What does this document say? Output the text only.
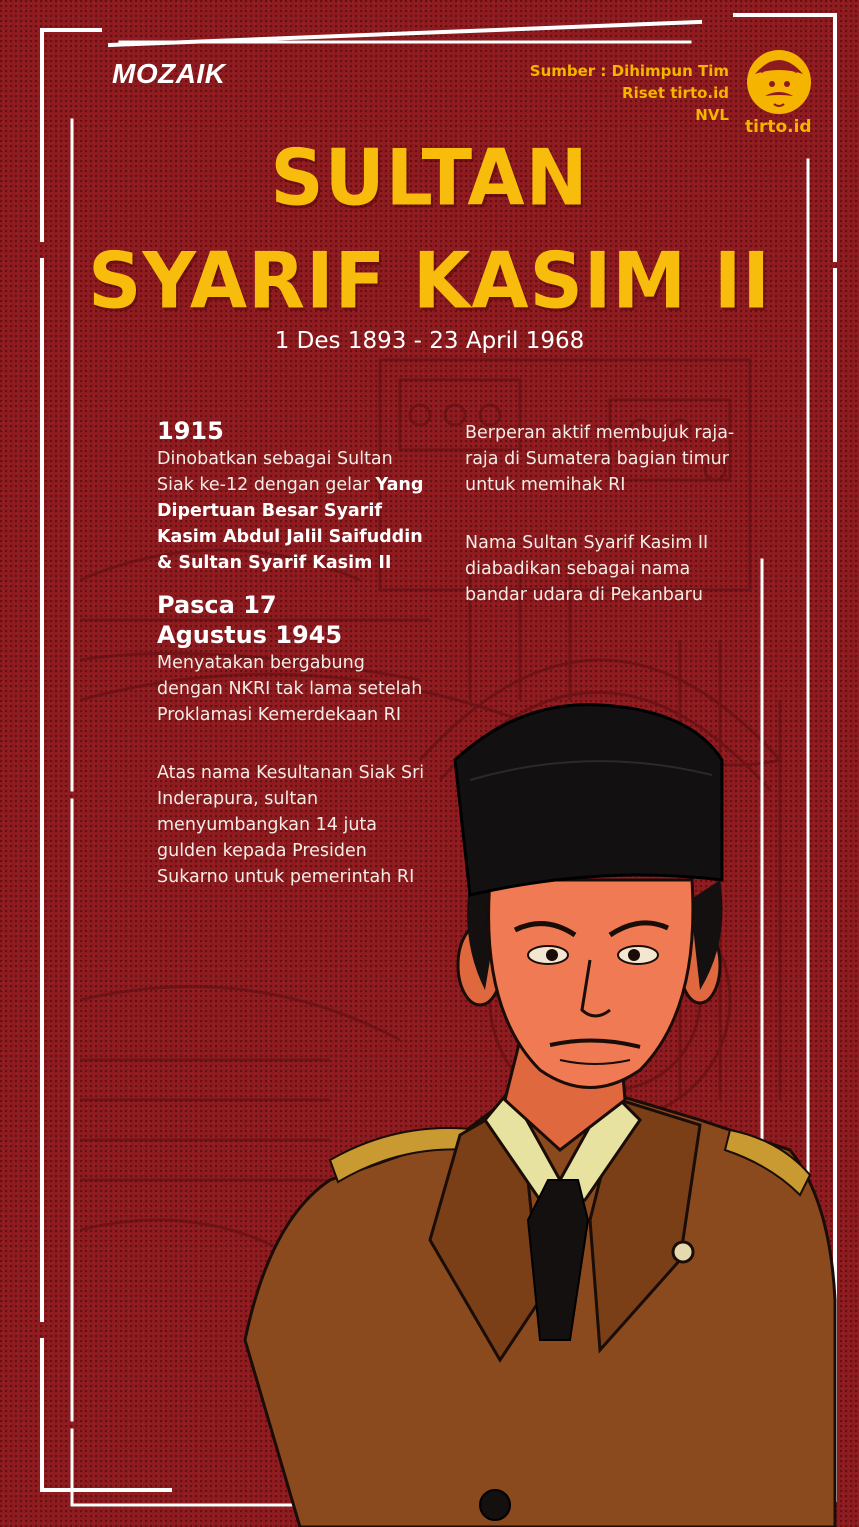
MOZAIK	Sumber : Dihimpun Tim
Riset tirto.id
NVL
tirto.id
SULTAN
SYARIF KASIM II
1 Des 1893 - 23 April 1968
1915
Dinobatkan sebagai Sultan Siak ke-12 dengan gelar Yang Dipertuan Besar Syarif Kasim Abdul Jalil Saifuddin & Sultan Syarif Kasim II
Pasca 17
Agustus 1945
Menyatakan bergabung dengan NKRI tak lama setelah Proklamasi Kemerdekaan RI
Atas nama Kesultanan Siak Sri Inderapura, sultan menyumbangkan 14 juta gulden kepada Presiden Sukarno untuk pemerintah RI
Berperan aktif membujuk raja-raja di Sumatera bagian timur untuk memihak RI
Nama Sultan Syarif Kasim II diabadikan sebagai nama bandar udara di Pekanbaru
